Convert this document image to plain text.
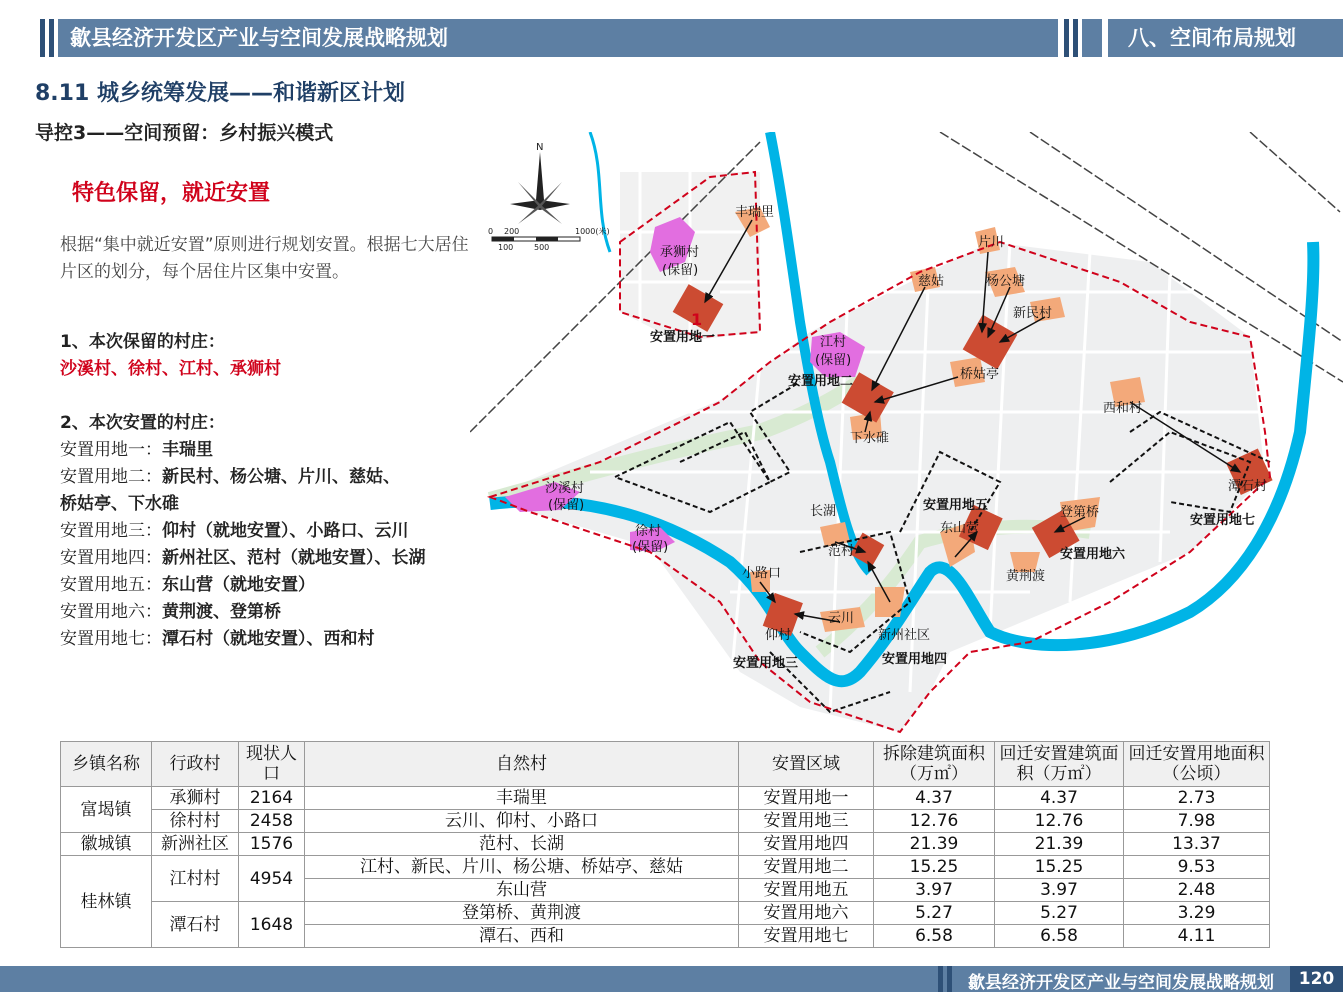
歙县经济开发区产业与空间发展战略规划	八、空间布局规划
8.11 城乡统筹发展——和谐新区计划
导控3——空间预留：乡村振兴模式
特色保留，就近安置
根据“集中就近安置”原则进行规划安置。根据七大居住片区的划分，每个居住片区集中安置。
1、本次保留的村庄：
沙溪村、徐村、江村、承狮村
2、本次安置的村庄：
安置用地一：丰瑞里
安置用地二：新民村、杨公塘、片川、慈姑、
桥姑亭、下水碓
安置用地三：仰村（就地安置）、小路口、云川
安置用地四：新州社区、范村（就地安置）、长湖
安置用地五：东山营（就地安置）
安置用地六：黄荆渡、登第桥
安置用地七：潭石村（就地安置）、西和村
N
0 200	1000(米)
100	500
丰瑞里
承狮村
(保留)
安置用地一
1
片川
慈姑	杨公塘
新民村
江村
(保留)
安置用地二	桥姑亭
下水碓
西和村
潭石村
安置用地七
沙溪村
(保留)
徐村
(保留)
安置用地五
东山营
登第桥
安置用地六
黄荆渡
长湖
范村
小路口
云川
新州社区
仰村
安置用地三	安置用地四
乡镇名称	行政村	现状人口	自然村	安置区域	拆除建筑面积（万㎡）	回迁安置建筑面积（万㎡）	回迁安置用地面积（公顷）
富堨镇	承狮村	2164	丰瑞里	安置用地一	4.37	4.37	2.73
	徐村村	2458	云川、仰村、小路口	安置用地三	12.76	12.76	7.98
徽城镇	新洲社区	1576	范村、长湖	安置用地四	21.39	21.39	13.37
桂林镇	江村村	4954	江村、新民、片川、杨公塘、桥姑亭、慈姑	安置用地二	15.25	15.25	9.53
			东山营	安置用地五	3.97	3.97	2.48
	潭石村	1648	登第桥、黄荆渡	安置用地六	5.27	5.27	3.29
			潭石、西和	安置用地七	6.58	6.58	4.11
歙县经济开发区产业与空间发展战略规划	120
